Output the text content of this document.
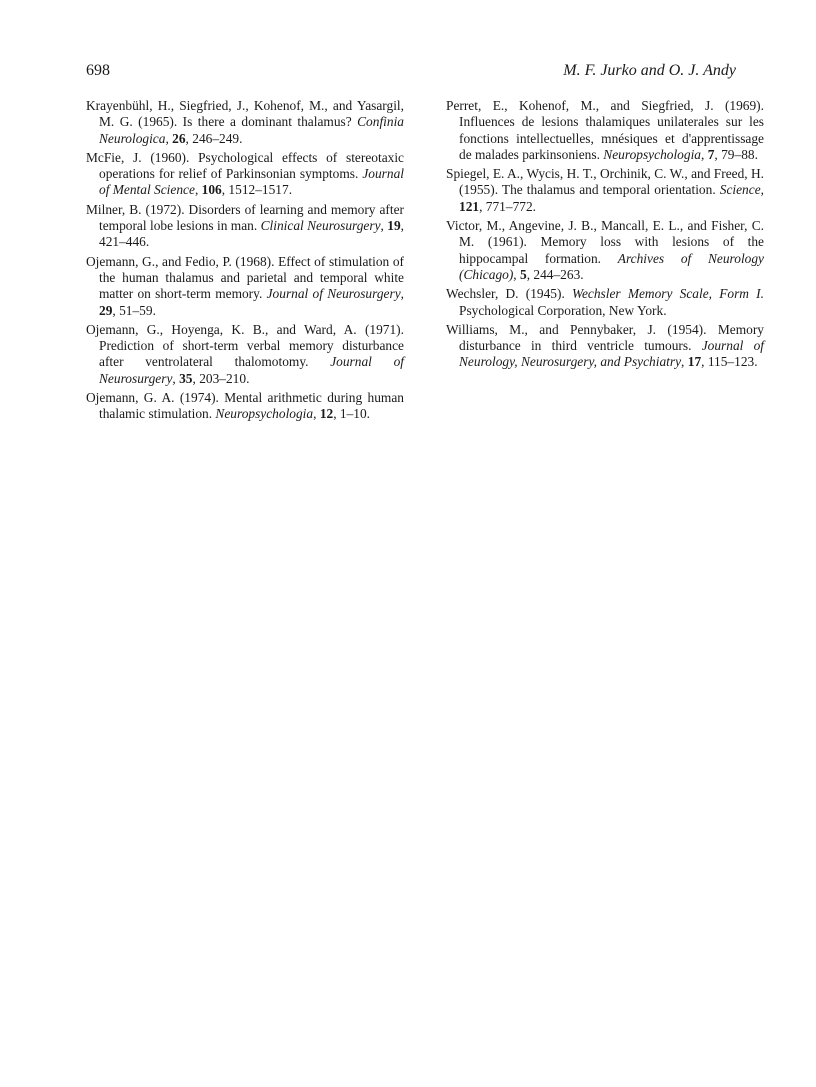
698	M. F. Jurko and O. J. Andy

Krayenbühl, H., Siegfried, J., Kohenof, M., and Yasargil, M. G. (1965). Is there a dominant thalamus? Confinia Neurologica, 26, 246–249.

McFie, J. (1960). Psychological effects of stereotaxic operations for relief of Parkinsonian symptoms. Journal of Mental Science, 106, 1512–1517.

Milner, B. (1972). Disorders of learning and memory after temporal lobe lesions in man. Clinical Neurosurgery, 19, 421–446.

Ojemann, G., and Fedio, P. (1968). Effect of stimulation of the human thalamus and parietal and temporal white matter on short-term memory. Journal of Neurosurgery, 29, 51–59.

Ojemann, G., Hoyenga, K. B., and Ward, A. (1971). Prediction of short-term verbal memory disturbance after ventrolateral thalomotomy. Journal of Neurosurgery, 35, 203–210.

Ojemann, G. A. (1974). Mental arithmetic during human thalamic stimulation. Neuropsychologia, 12, 1–10.

Perret, E., Kohenof, M., and Siegfried, J. (1969). Influences de lesions thalamiques unilaterales sur les fonctions intellectuelles, mnésiques et d'apprentissage de malades parkinsoniens. Neuropsychologia, 7, 79–88.

Spiegel, E. A., Wycis, H. T., Orchinik, C. W., and Freed, H. (1955). The thalamus and temporal orientation. Science, 121, 771–772.

Victor, M., Angevine, J. B., Mancall, E. L., and Fisher, C. M. (1961). Memory loss with lesions of the hippocampal formation. Archives of Neurology (Chicago), 5, 244–263.

Wechsler, D. (1945). Wechsler Memory Scale, Form I. Psychological Corporation, New York.

Williams, M., and Pennybaker, J. (1954). Memory disturbance in third ventricle tumours. Journal of Neurology, Neurosurgery, and Psychiatry, 17, 115–123.
